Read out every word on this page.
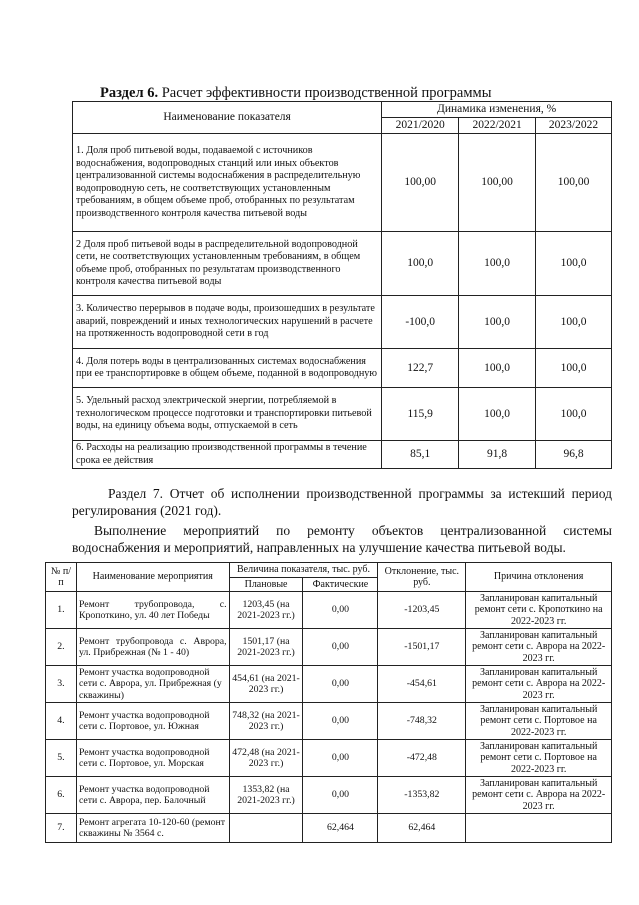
Раздел 6. Расчет эффективности производственной программы
Наименование показателя	Динамика изменения, %		
	2021/2020	2022/2021	2023/2022
1. Доля проб питьевой воды, подаваемой с источников водоснабжения, водопроводных станций или иных объектов централизованной системы водоснабжения в распределительную водопроводную сеть, не соответствующих установленным требованиям, в общем объеме проб, отобранных по результатам производственного контроля качества питьевой воды	100,00	100,00	100,00
2 Доля проб питьевой воды в распределительной водопроводной сети, не соответствующих установленным требованиям, в общем объеме проб, отобранных по результатам производственного контроля качества питьевой воды	100,0	100,0	100,0
3. Количество перерывов в подаче воды, произошедших в результате аварий, повреждений и иных технологических нарушений в расчете на протяженность водопроводной сети в год	-100,0	100,0	100,0
4. Доля потерь воды в централизованных системах водоснабжения при ее транспортировке в общем объеме, поданной в водопроводную	122,7	100,0	100,0
5. Удельный расход электрической энергии, потребляемой в технологическом процессе подготовки и транспортировки питьевой воды, на единицу объема воды, отпускаемой в сеть	115,9	100,0	100,0
6. Расходы на реализацию производственной программы в течение срока ее действия	85,1	91,8	96,8
Раздел 7. Отчет об исполнении производственной программы за истекший период регулирования (2021 год).
Выполнение мероприятий по ремонту объектов централизованной системы водоснабжения и мероприятий, направленных на улучшение качества питьевой воды.
№ п/п	Наименование мероприятия	Величина показателя, тыс. руб.		Отклонение, тыс. руб.	Причина отклонения
		Плановые	Фактические		
1.	Ремонт трубопровода, с. Кропоткино, ул. 40 лет Победы	1203,45 (на 2021-2023 гг.)	0,00	-1203,45	Запланирован капитальный ремонт сети с. Кропоткино на 2022-2023 гг.
2.	Ремонт трубопровода с. Аврора, ул. Прибрежная (№ 1 - 40)	1501,17 (на 2021-2023 гг.)	0,00	-1501,17	Запланирован капитальный ремонт сети с. Аврора на 2022-2023 гг.
3.	Ремонт участка водопроводной сети с. Аврора, ул. Прибрежная (у скважины)	454,61 (на 2021-2023 гг.)	0,00	-454,61	Запланирован капитальный ремонт сети с. Аврора на 2022-2023 гг.
4.	Ремонт участка водопроводной сети с. Портовое, ул. Южная	748,32 (на 2021-2023 гг.)	0,00	-748,32	Запланирован капитальный ремонт сети с. Портовое на 2022-2023 гг.
5.	Ремонт участка водопроводной сети с. Портовое, ул. Морская	472,48 (на 2021-2023 гг.)	0,00	-472,48	Запланирован капитальный ремонт сети с. Портовое на 2022-2023 гг.
6.	Ремонт участка водопроводной сети с. Аврора, пер. Балочный	1353,82 (на 2021-2023 гг.)	0,00	-1353,82	Запланирован капитальный ремонт сети с. Аврора на 2022-2023 гг.
7.	Ремонт агрегата 10-120-60 (ремонт скважины № 3564 с.		62,464	62,464	
